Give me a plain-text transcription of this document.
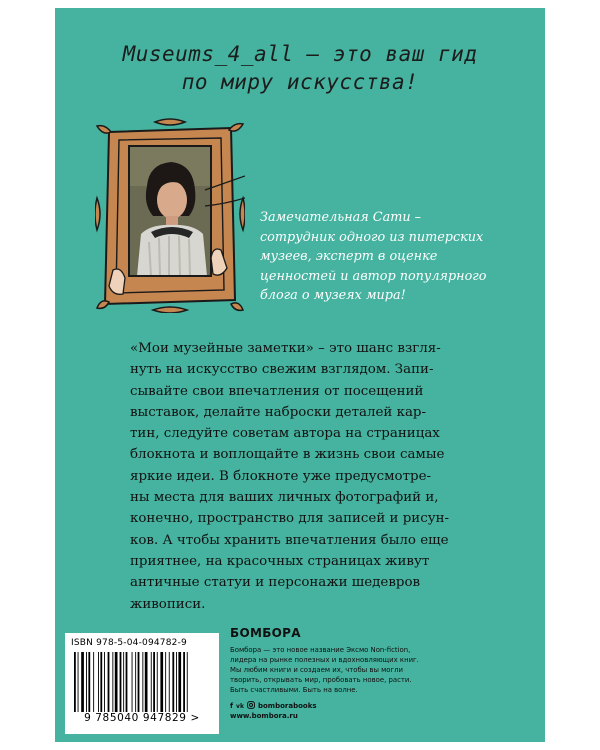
Museums_4_all – это ваш гид
по миру искусства!

Замечательная Сати –

сотрудник одного из питерских

музеев, эксперт в оценке

ценностей и автор популярного

блога о музеях мира!

«Мои музейные заметки» – это шанс взгля-

нуть на искусство свежим взглядом. Запи-

сывайте свои впечатления от посещений

выставок, делайте наброски деталей кар-

тин, следуйте советам автора на страницах

блокнота и воплощайте в жизнь свои самые

яркие идеи. В блокноте уже предусмотре-

ны места для ваших личных фотографий и,

конечно, пространство для записей и рисун-

ков. А чтобы хранить впечатления было еще

приятнее, на красочных страницах живут

античные статуи и персонажи шедевров

живописи.

ISBN 978-5-04-094782-9
9 785040 947829 >
БОМБОРА

Бомбора — это новое название Эксмо Non-fiction,

лидера на рынке полезных и вдохновляющих книг.

Мы любим книги и создаем их, чтобы вы могли

творить, открывать мир, пробовать новое, расти.

Быть счастливыми. Быть на волне.

f vk bomborabooks
www.bombora.ru
